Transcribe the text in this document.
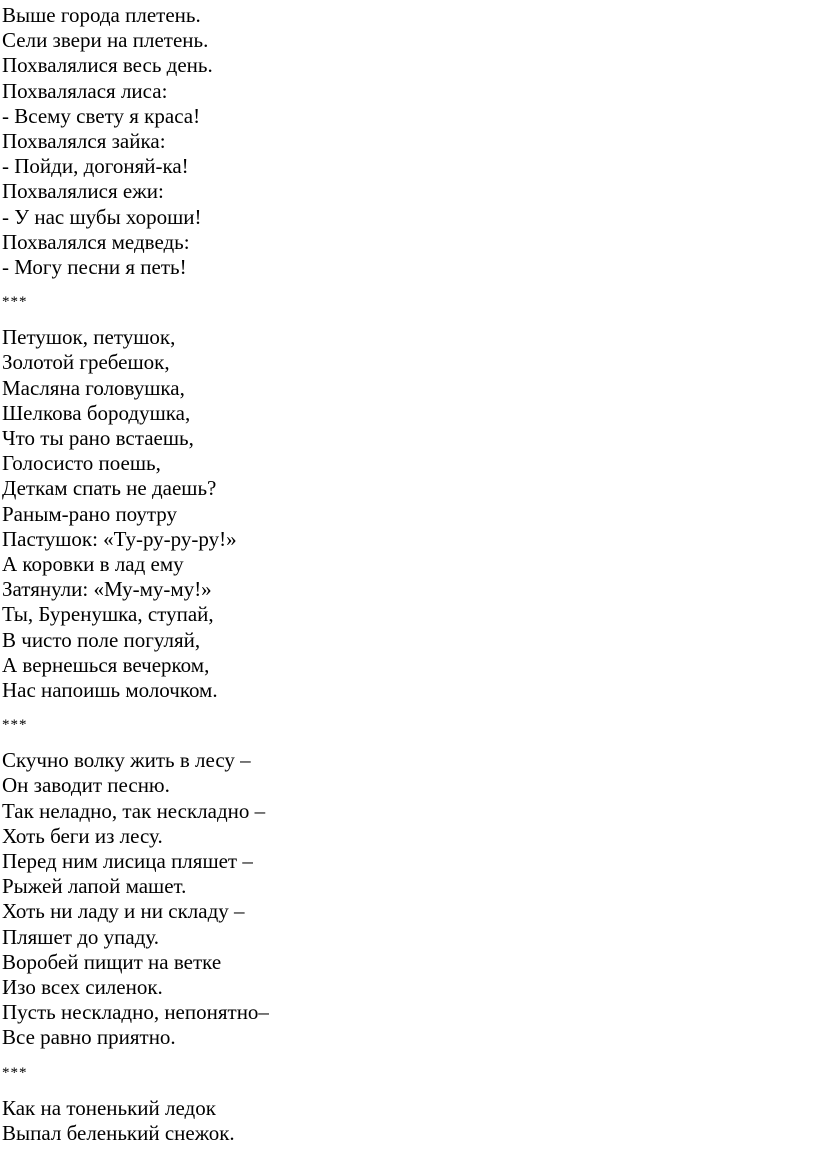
Выше города плетень.
Сели звери на плетень.
Похвалялися весь день.
Похвалялася лиса:
- Всему свету я краса!
Похвалялся зайка:
- Пойди, догоняй-ка!
Похвалялися ежи:
- У нас шубы хороши!
Похвалялся медведь:
- Могу песни я петь!
***
Петушок, петушок,
Золотой гребешок,
Масляна головушка,
Шелкова бородушка,
Что ты рано встаешь,
Голосисто поешь,
Деткам спать не даешь?
Раным-рано поутру
Пастушок: «Ту-ру-ру-ру!»
А коровки в лад ему
Затянули: «Му-му-му!»
Ты, Буренушка, ступай,
В чисто поле погуляй,
А вернешься вечерком,
Нас напоишь молочком.
***
Скучно волку жить в лесу –
Он заводит песню.
Так неладно, так нескладно –
Хоть беги из лесу.
Перед ним лисица пляшет –
Рыжей лапой машет.
Хоть ни ладу и ни складу –
Пляшет до упаду.
Воробей пищит на ветке
Изо всех силенок.
Пусть нескладно, непонятно–
Все равно приятно.
***
Как на тоненький ледок
Выпал беленький снежок.
